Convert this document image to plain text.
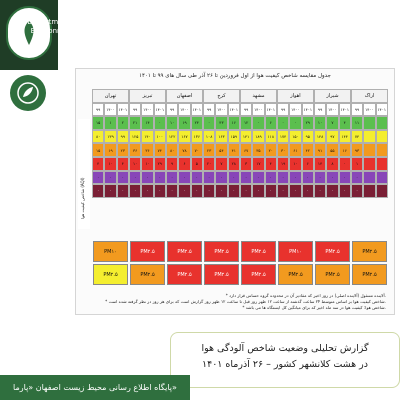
Department of Environment
جدول مقایسه شاخص کیفیت هوا از اول فروردین تا ۲۶ آذر طی سال های ۹۹ تا ۱۴۰۱
شاخص کیفیت هوا (AQI)
تهران	تبریز	اصفهان	کرج	مشهد	اهواز	شیراز	اراک
۹۹	۱۴۰۰ ۱۴۰۱	۹۹	۱۴۰۰ ۱۴۰۱	۹۹	۱۴۰۰ ۱۴۰۱	۹۹	۱۴۰۰ ۱۴۰۱	۹۹	۱۴۰۰ ۱۴۰۱	۹۹	۱۴۰۰ ۱۴۰۱	۹۹	۱۴۰۰ ۱۴۰۱	۹۹	۱۴۰۰ ۱۴۰۱
۱۵	۱	۲	۲۱	۱۴	۰	۱۰	۱۹	۲۴	۰	۴۳	۱۶	۱۲	۰	۶	۰	۰	۲۹	۱۰	۷	۴	۱۱
۸۰	۱۳۹	۹۹	۱۲۵	۱۴۰	۱۰۰	۱۲۲	۱۶۷	۱۳۶	۱۰۸	۱۶۳	۱۵۹	۱۴۱	۱۸۹	۱۱۸	۱۷۴	۱۵۰	۹۵	۱۴۸	۹۷	۱۴۴	۷۴
۱۵	۱۹	۲۳	۳۶	۳۶	۷۴	۸۰	۷۸	۷۰	۲۳	۵۴	۴۱	۶۷	۳۵	۲۰	۳۰	۶۱	۴۲	۹۱	۵۵	۱۶	۹۳
۴	۱۰	۴	۱۰	۱۰	۲۹	۹	۶	۵	۲۰	۷	۲۸	۳	۱۷	۴	۱۹	۱۰	۶	۱۴	۸	۰	۱
۰	۰	۰	۰	۰	۰	۰	۰	۰	۰	۰	۰	۰	۰	۰	۰	۰	۰	۰	۰	۰	۰
۰	۰	۰	۰	۰	۰	۰	۰	۰	۰	۰	۰	۰	۰	۰	۰	۰	۰	۰	۰	۰	۰
PM۱۰	PM۲.۵	PM۲.۵	PM۲.۵	PM۲.۵	PM۱۰	PM۲.۵	PM۲.۵
PM۲.۵	PM۲.۵	PM۲.۵	PM۲.۵	PM۲.۵	PM۲.۵	PM۲.۵	PM۲.۵
* آلاینده مسئول (آلاینده اصلی) در روز اخیر که مقادیر آن در محدوده گروه حساس قرار دارد.
* شاخص کیفیت هوا بر اساس متوسط ۲۴ ساعت گذشته از ساعت ۱۲ ظهر روز قبل تا ساعت ۱۲ ظهر روز گزارش است که برای هر روز در نظر گرفته شده است.
* شاخص هوا: کیفیت هوا در سه ماه اخیر که برای میانگین کل ایستگاه ها می باشد.
گزارش تحلیلی وضعیت شاخص آلودگی هوا
در هشت کلانشهر کشور – ۲۶ آذرماه ۱۴۰۱
پایگاه اطلاع رسانی محیط زیست اصفهان «پارما»
